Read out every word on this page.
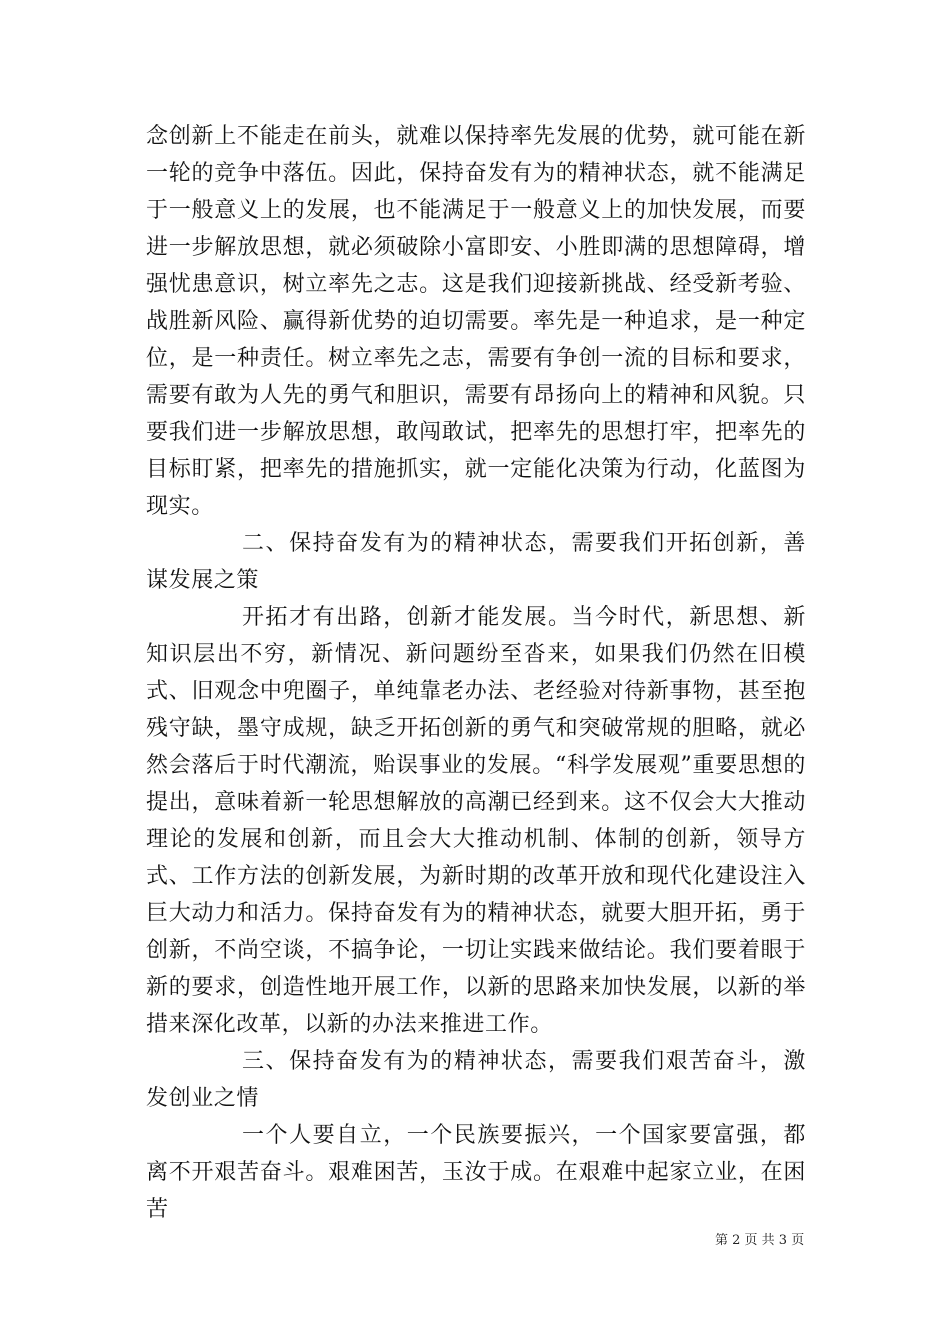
念创新上不能走在前头，就难以保持率先发展的优势，就可能在新一轮的竞争中落伍。因此，保持奋发有为的精神状态，就不能满足于一般意义上的发展，也不能满足于一般意义上的加快发展，而要进一步解放思想，就必须破除小富即安、小胜即满的思想障碍，增强忧患意识，树立率先之志。这是我们迎接新挑战、经受新考验、战胜新风险、赢得新优势的迫切需要。率先是一种追求，是一种定位，是一种责任。树立率先之志，需要有争创一流的目标和要求，需要有敢为人先的勇气和胆识，需要有昂扬向上的精神和风貌。只要我们进一步解放思想，敢闯敢试，把率先的思想打牢，把率先的目标盯紧，把率先的措施抓实，就一定能化决策为行动，化蓝图为现实。

二、保持奋发有为的精神状态，需要我们开拓创新，善谋发展之策

开拓才有出路，创新才能发展。当今时代，新思想、新知识层出不穷，新情况、新问题纷至沓来，如果我们仍然在旧模式、旧观念中兜圈子，单纯靠老办法、老经验对待新事物，甚至抱残守缺，墨守成规，缺乏开拓创新的勇气和突破常规的胆略，就必然会落后于时代潮流，贻误事业的发展。“科学发展观”重要思想的提出，意味着新一轮思想解放的高潮已经到来。这不仅会大大推动理论的发展和创新，而且会大大推动机制、体制的创新，领导方式、工作方法的创新发展，为新时期的改革开放和现代化建设注入巨大动力和活力。保持奋发有为的精神状态，就要大胆开拓，勇于创新，不尚空谈，不搞争论，一切让实践来做结论。我们要着眼于新的要求，创造性地开展工作，以新的思路来加快发展，以新的举措来深化改革，以新的办法来推进工作。

三、保持奋发有为的精神状态，需要我们艰苦奋斗，激发创业之情

一个人要自立，一个民族要振兴，一个国家要富强，都离不开艰苦奋斗。艰难困苦，玉汝于成。在艰难中起家立业，在困苦

第 2 页 共 3 页
